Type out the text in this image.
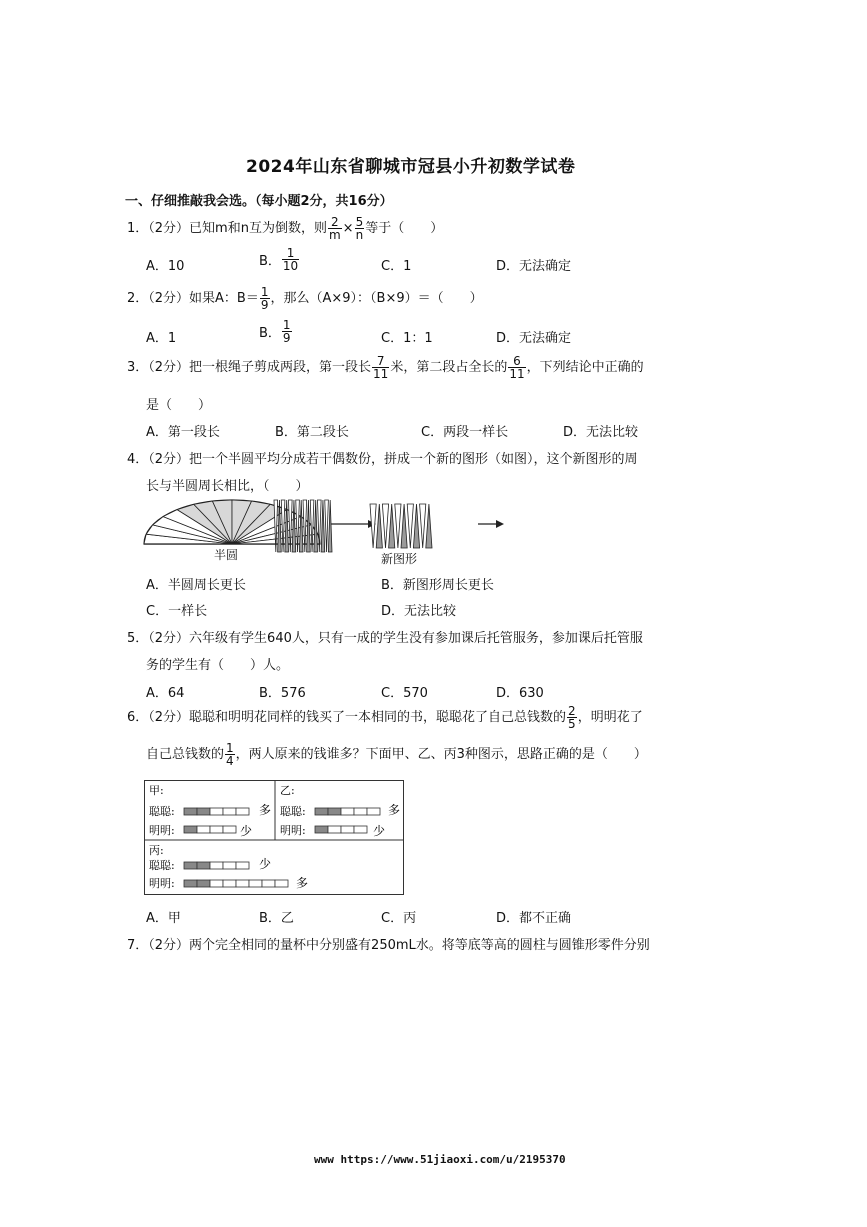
2024年山东省聊城市冠县小升初数学试卷
一、仔细推敲我会选。（每小题2分，共16分）
1．（2分）已知m和n互为倒数，则 $\frac{2}{m} \times \frac{5}{n}$ 等于（　　）
A．10	B． $\frac{1}{10}$	C．1	D．无法确定
2．（2分）如果A：$B= \frac{1}{9}$ ，那么（A×9）：（B×9）＝（　　）
A．1	B． $\frac{1}{9}$	C．1：1	D．无法确定
3．（2分）把一根绳子剪成两段，第一段长 $\frac{7}{11}$ 米，第二段占全长的 $\frac{6}{11}$ ，下列结论中正确的
是（　　）
A．第一段长	B．第二段长	C．两段一样长	D．无法比较
4．（2分）把一个半圆平均分成若干偶数份，拼成一个新的图形（如图），这个新图形的周
长与半圆周长相比，（　　）
半圆	新图形
A．半圆周长更长	B．新图形周长更长
C．一样长	D．无法比较
5．（2分）六年级有学生640人，只有一成的学生没有参加课后托管服务，参加课后托管服
务的学生有（　　）人。
A．64	B．576	C．570	D．630
6．（2分）聪聪和明明花同样的钱买了一本相同的书，聪聪花了自己总钱数的 $\frac{2}{5}$ ，明明花了
自己总钱数的 $\frac{1}{4}$ ，两人原来的钱谁多？下面甲、乙、丙3种图示，思路正确的是（　　）
甲:
聪聪:
明明:
乙:
聪聪:
明明:
丙:
聪聪:
明明:
多
少
多
少
少
多
A．甲	B．乙	C．丙	D．都不正确
7．（2分）两个完全相同的量杯中分别盛有250mL水。将等底等高的圆柱与圆锥形零件分别
www https://www.51jiaoxi.com/u/2195370
